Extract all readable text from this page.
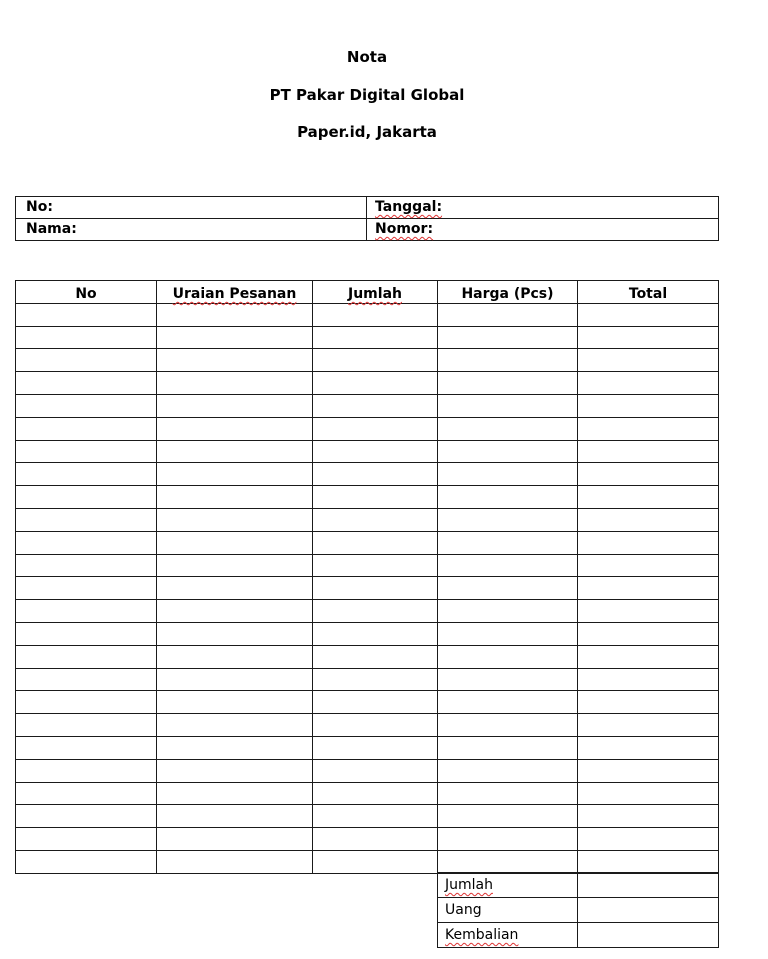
Nota
PT Pakar Digital Global
Paper.id, Jakarta
No:	Tanggal:
Nama:	Nomor:
No	Uraian Pesanan	Jumlah	Harga (Pcs)	Total

Jumlah	
Uang	
Kembalian	
